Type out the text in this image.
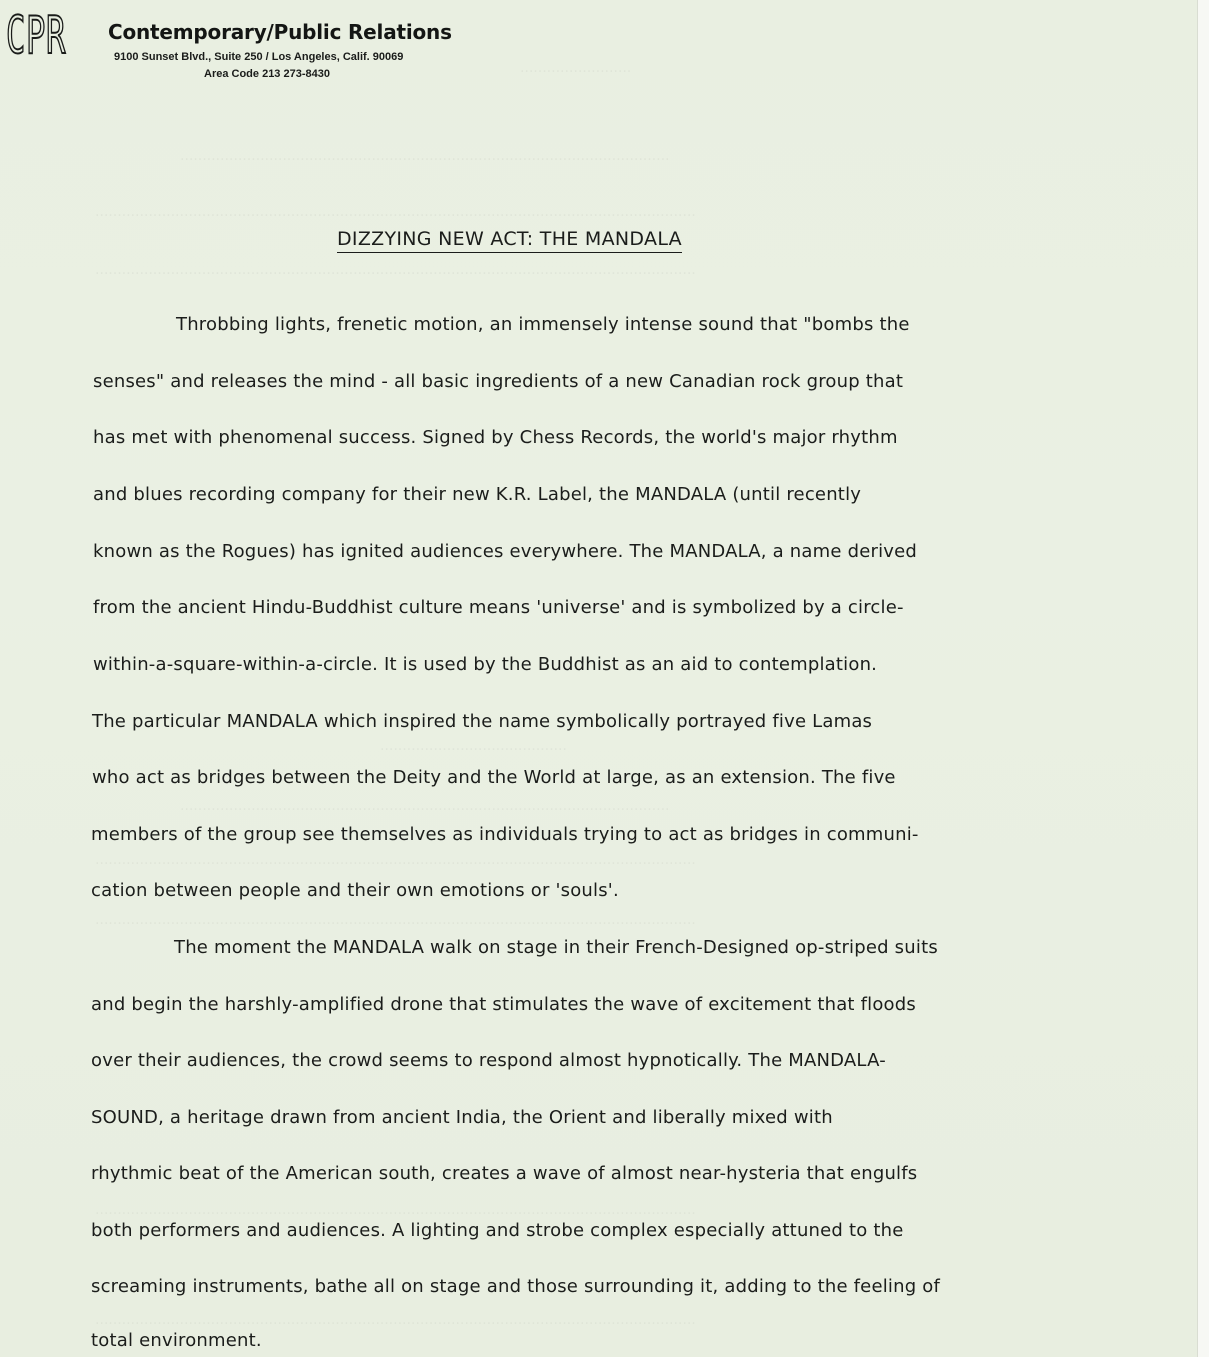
.........................
..............................................................................................................
.......................................................................................................................................
.......................................................................................................................................
..........................................
..............................................................................................................
.......................................................................................................................................
.......................................................................................................................................
.......................................................................................................................................
.......................................................................................................................................
CPR Contemporary/Public Relations
9100 Sunset Blvd., Suite 250 / Los Angeles, Calif. 90069
Area Code 213 273-8430
DIZZYING NEW ACT: THE MANDALA
Throbbing lights, frenetic motion, an immensely intense sound that "bombs the
senses" and releases the mind - all basic ingredients of a new Canadian rock group that
has met with phenomenal success. Signed by Chess Records, the world's major rhythm
and blues recording company for their new K.R. Label, the MANDALA (until recently
known as the Rogues) has ignited audiences everywhere. The MANDALA, a name derived
from the ancient Hindu-Buddhist culture means 'universe' and is symbolized by a circle-
within-a-square-within-a-circle. It is used by the Buddhist as an aid to contemplation.
The particular MANDALA which inspired the name symbolically portrayed five Lamas
who act as bridges between the Deity and the World at large, as an extension. The five
members of the group see themselves as individuals trying to act as bridges in communi-
cation between people and their own emotions or 'souls'.
The moment the MANDALA walk on stage in their French-Designed op-striped suits
and begin the harshly-amplified drone that stimulates the wave of excitement that floods
over their audiences, the crowd seems to respond almost hypnotically. The MANDALA-
SOUND, a heritage drawn from ancient India, the Orient and liberally mixed with
rhythmic beat of the American south, creates a wave of almost near-hysteria that engulfs
both performers and audiences. A lighting and strobe complex especially attuned to the
screaming instruments, bathe all on stage and those surrounding it, adding to the feeling of
total environment.
